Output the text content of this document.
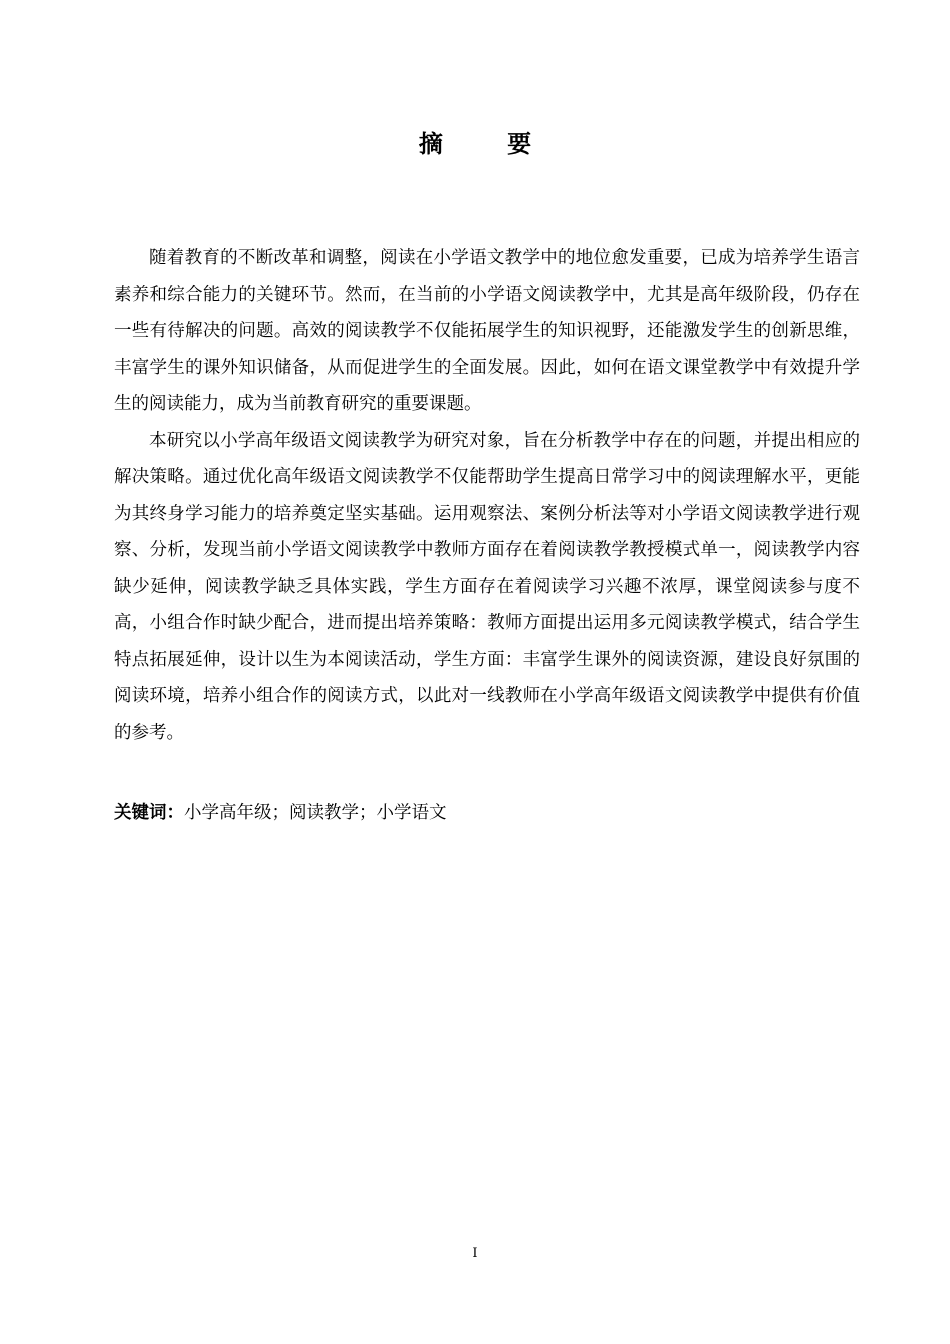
摘 要

随着教育的不断改革和调整，阅读在小学语文教学中的地位愈发重要，已成为培养学生语言素养和综合能力的关键环节。然而，在当前的小学语文阅读教学中，尤其是高年级阶段，仍存在一些有待解决的问题。高效的阅读教学不仅能拓展学生的知识视野，还能激发学生的创新思维，丰富学生的课外知识储备，从而促进学生的全面发展。因此，如何在语文课堂教学中有效提升学生的阅读能力，成为当前教育研究的重要课题。

本研究以小学高年级语文阅读教学为研究对象，旨在分析教学中存在的问题，并提出相应的解决策略。通过优化高年级语文阅读教学不仅能帮助学生提高日常学习中的阅读理解水平，更能为其终身学习能力的培养奠定坚实基础。运用观察法、案例分析法等对小学语文阅读教学进行观察、分析，发现当前小学语文阅读教学中教师方面存在着阅读教学教授模式单一，阅读教学内容缺少延伸，阅读教学缺乏具体实践，学生方面存在着阅读学习兴趣不浓厚，课堂阅读参与度不高，小组合作时缺少配合，进而提出培养策略：教师方面提出运用多元阅读教学模式，结合学生特点拓展延伸，设计以生为本阅读活动，学生方面：丰富学生课外的阅读资源，建设良好氛围的阅读环境，培养小组合作的阅读方式，以此对一线教师在小学高年级语文阅读教学中提供有价值的参考。

关键词：小学高年级；阅读教学；小学语文
I
